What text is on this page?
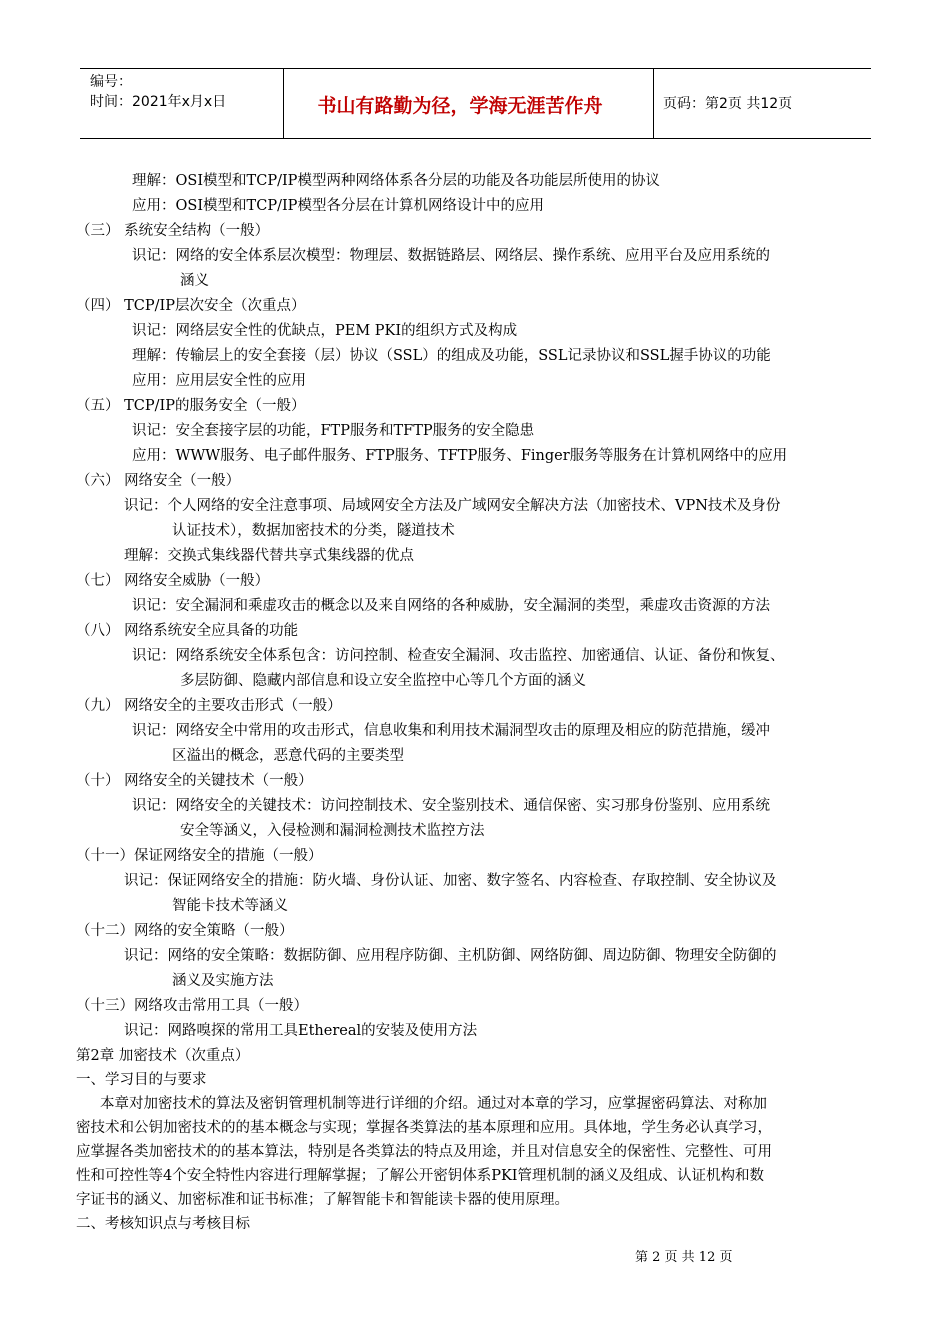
编号：
时间：2021年x月x日	书山有路勤为径，学海无涯苦作舟	页码：第2页 共12页
理解：OSI模型和TCP/IP模型两种网络体系各分层的功能及各功能层所使用的协议
应用：OSI模型和TCP/IP模型各分层在计算机网络设计中的应用
（三） 系统安全结构（一般）
识记：网络的安全体系层次模型：物理层、数据链路层、网络层、操作系统、应用平台及应用系统的
涵义
（四） TCP/IP层次安全（次重点）
识记：网络层安全性的优缺点，PEM PKI的组织方式及构成
理解：传输层上的安全套接（层）协议（SSL）的组成及功能，SSL记录协议和SSL握手协议的功能
应用：应用层安全性的应用
（五） TCP/IP的服务安全（一般）
识记：安全套接字层的功能，FTP服务和TFTP服务的安全隐患
应用：WWW服务、电子邮件服务、FTP服务、TFTP服务、Finger服务等服务在计算机网络中的应用
（六） 网络安全（一般）
识记：个人网络的安全注意事项、局域网安全方法及广域网安全解决方法（加密技术、VPN技术及身份
认证技术），数据加密技术的分类，隧道技术
理解：交换式集线器代替共享式集线器的优点
（七） 网络安全威胁（一般）
识记：安全漏洞和乘虚攻击的概念以及来自网络的各种威胁，安全漏洞的类型，乘虚攻击资源的方法
（八） 网络系统安全应具备的功能
识记：网络系统安全体系包含：访问控制、检查安全漏洞、攻击监控、加密通信、认证、备份和恢复、
多层防御、隐藏内部信息和设立安全监控中心等几个方面的涵义
（九） 网络安全的主要攻击形式（一般）
识记：网络安全中常用的攻击形式，信息收集和利用技术漏洞型攻击的原理及相应的防范措施，缓冲
区溢出的概念，恶意代码的主要类型
（十） 网络安全的关键技术（一般）
识记：网络安全的关键技术：访问控制技术、安全鉴别技术、通信保密、实习那身份鉴别、应用系统
安全等涵义，入侵检测和漏洞检测技术监控方法
（十一）保证网络安全的措施（一般）
识记：保证网络安全的措施：防火墙、身份认证、加密、数字签名、内容检查、存取控制、安全协议及
智能卡技术等涵义
（十二）网络的安全策略（一般）
识记：网络的安全策略：数据防御、应用程序防御、主机防御、网络防御、周边防御、物理安全防御的
涵义及实施方法
（十三）网络攻击常用工具（一般）
识记：网路嗅探的常用工具Ethereal的安装及使用方法
第2章 加密技术（次重点）
一、学习目的与要求
本章对加密技术的算法及密钥管理机制等进行详细的介绍。通过对本章的学习，应掌握密码算法、对称加
密技术和公钥加密技术的的基本概念与实现；掌握各类算法的基本原理和应用。具体地，学生务必认真学习，
应掌握各类加密技术的的基本算法，特别是各类算法的特点及用途，并且对信息安全的保密性、完整性、可用
性和可控性等4个安全特性内容进行理解掌握；了解公开密钥体系PKI管理机制的涵义及组成、认证机构和数
字证书的涵义、加密标准和证书标准；了解智能卡和智能读卡器的使用原理。
二、考核知识点与考核目标
第 2 页 共 12 页
